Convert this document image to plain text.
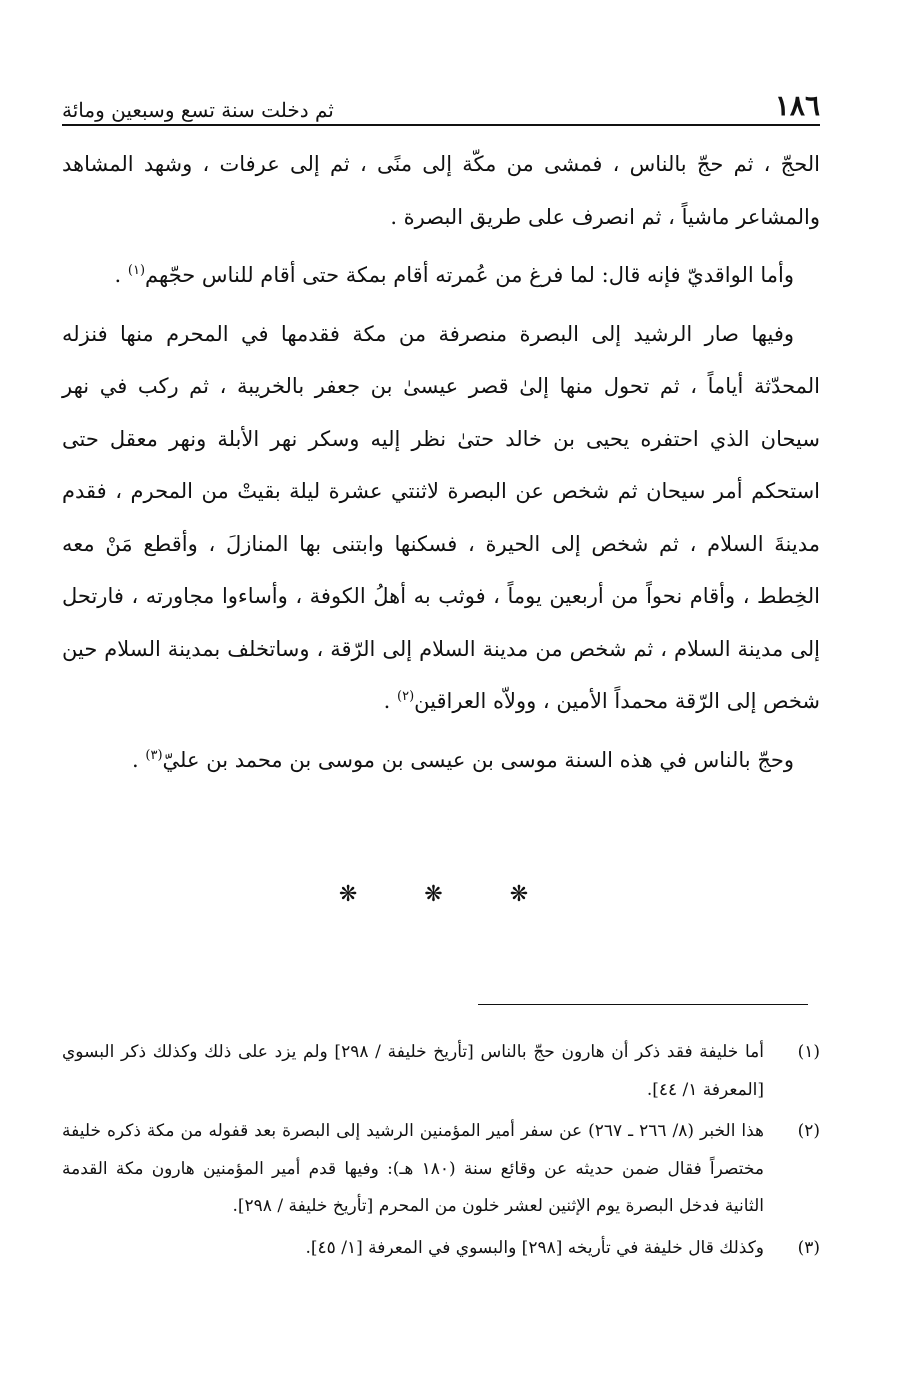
١٨٦
ثم دخلت سنة تسع وسبعين ومائة

الحجّ ، ثم حجّ بالناس ، فمشى من مكّة إلى منًى ، ثم إلى عرفات ، وشهد المشاهد والمشاعر ماشياً ، ثم انصرف على طريق البصرة .

وأما الواقديّ فإنه قال: لما فرغ من عُمرته أقام بمكة حتى أقام للناس حجّهم$^{(١)}$ .

وفيها صار الرشيد إلى البصرة منصرفة من مكة فقدمها في المحرم منها فنزله المحدّثة أياماً ، ثم تحول منها إلىٰ قصر عيسىٰ بن جعفر بالخريبة ، ثم ركب في نهر سيحان الذي احتفره يحيى بن خالد حتىٰ نظر إليه وسكر نهر الأبلة ونهر معقل حتى استحكم أمر سيحان ثم شخص عن البصرة لاثنتي عشرة ليلة بقيتْ من المحرم ، فقدم مدينةَ السلام ، ثم شخص إلى الحيرة ، فسكنها وابتنى بها المنازلَ ، وأقطع مَنْ معه الخِطط ، وأقام نحواً من أربعين يوماً ، فوثب به أهلُ الكوفة ، وأساءوا مجاورته ، فارتحل إلى مدينة السلام ، ثم شخص من مدينة السلام إلى الرّقة ، وساتخلف بمدينة السلام حين شخص إلى الرّقة محمداً الأمين ، وولاّه العراقين$^{(٢)}$ .

وحجّ بالناس في هذه السنة موسى بن عيسى بن موسى بن محمد بن عليّ$^{(٣)}$ .

❋ ❋ ❋
(١)
أما خليفة فقد ذكر أن هارون حجّ بالناس [تأريخ خليفة / ٢٩٨] ولم يزد على ذلك وكذلك ذكر البسوي [المعرفة ١/ ٤٤].
(٢)
هذا الخبر (٨/ ٢٦٦ ـ ٢٦٧) عن سفر أمير المؤمنين الرشيد إلى البصرة بعد قفوله من مكة ذكره خليفة مختصراً فقال ضمن حديثه عن وقائع سنة (١٨٠ هـ): وفيها قدم أمير المؤمنين هارون مكة القدمة الثانية فدخل البصرة يوم الإثنين لعشر خلون من المحرم [تأريخ خليفة / ٢٩٨].
(٣)
وكذلك قال خليفة في تأريخه [٢٩٨] والبسوي في المعرفة [١/ ٤٥].
